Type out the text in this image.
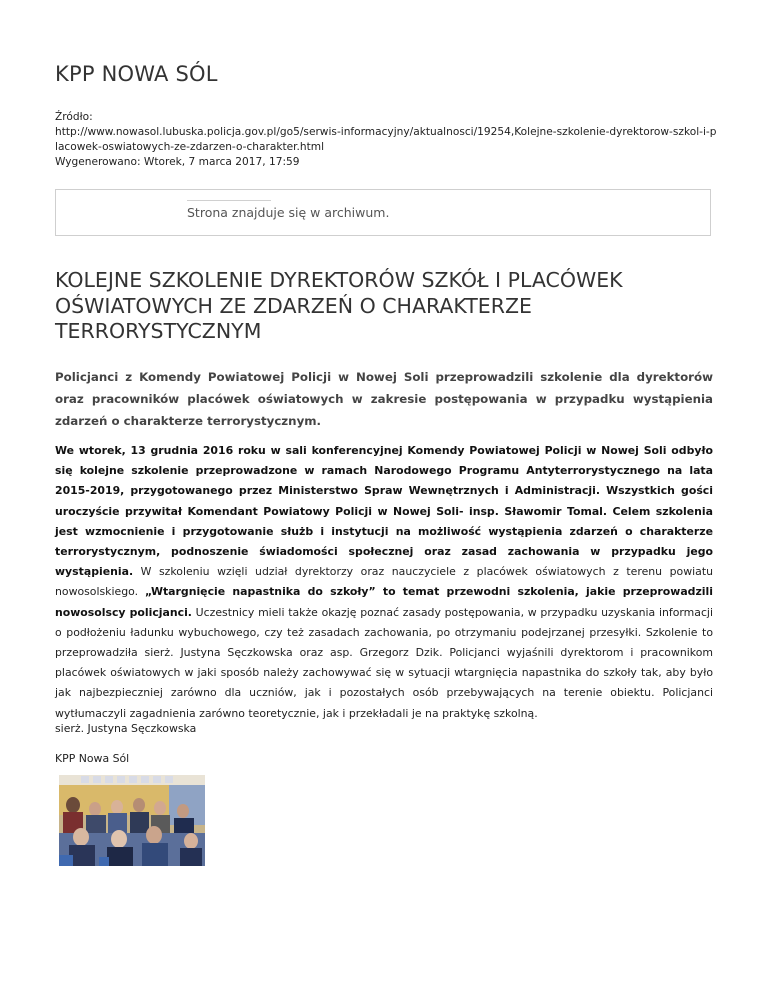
KPP NOWA SÓL
Źródło:
http://www.nowasol.lubuska.policja.gov.pl/go5/serwis-informacyjny/aktualnosci/19254,Kolejne-szkolenie-dyrektorow-szkol-i-p
lacowek-oswiatowych-ze-zdarzen-o-charakter.html
Wygenerowano: Wtorek, 7 marca 2017, 17:59
Strona znajduje się w archiwum.
KOLEJNE SZKOLENIE DYREKTORÓW SZKÓŁ I PLACÓWEK OŚWIATOWYCH ZE ZDARZEŃ O CHARAKTERZE TERRORYSTYCZNYM

Policjanci z Komendy Powiatowej Policji w Nowej Soli przeprowadzili szkolenie dla dyrektorów oraz pracowników placówek oświatowych w zakresie postępowania w przypadku wystąpienia zdarzeń o charakterze terrorystycznym.

We wtorek, 13 grudnia 2016 roku w sali konferencyjnej Komendy Powiatowej Policji w Nowej Soli odbyło się kolejne szkolenie przeprowadzone w ramach Narodowego Programu Antyterrorystycznego na lata 2015-2019, przygotowanego przez Ministerstwo Spraw Wewnętrznych i Administracji. Wszystkich gości uroczyście przywitał Komendant Powiatowy Policji w Nowej Soli- insp. Sławomir Tomal. Celem szkolenia jest wzmocnienie i przygotowanie służb i instytucji na możliwość wystąpienia zdarzeń o charakterze terrorystycznym, podnoszenie świadomości społecznej oraz zasad zachowania w przypadku jego wystąpienia. W szkoleniu wzięli udział dyrektorzy oraz nauczyciele z placówek oświatowych z terenu powiatu nowosolskiego. „Wtargnięcie napastnika do szkoły” to temat przewodni szkolenia, jakie przeprowadzili nowosolscy policjanci. Uczestnicy mieli także okazję poznać zasady postępowania, w przypadku uzyskania informacji o podłożeniu ładunku wybuchowego, czy też zasadach zachowania, po otrzymaniu podejrzanej przesyłki. Szkolenie to przeprowadziła sierż. Justyna Sęczkowska oraz asp. Grzegorz Dzik. Policjanci wyjaśnili dyrektorom i pracownikom placówek oświatowych w jaki sposób należy zachowywać się w sytuacji wtargnięcia napastnika do szkoły tak, aby było jak najbezpieczniej zarówno dla uczniów, jak i pozostałych osób przebywających na terenie obiektu. Policjanci wytłumaczyli zagadnienia zarówno teoretycznie, jak i przekładali je na praktykę szkolną.

sierż. Justyna Sęczkowska
KPP Nowa Sól
